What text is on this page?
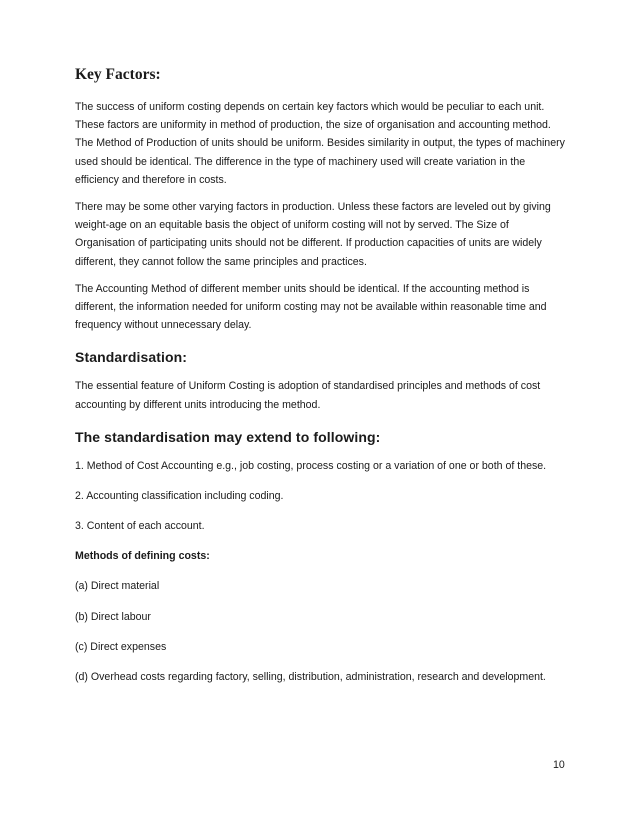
Key Factors:

The success of uniform costing depends on certain key factors which would be peculiar to each unit. These factors are uniformity in method of production, the size of organisation and accounting method. The Method of Production of units should be uniform. Besides similarity in output, the types of machinery used should be identical. The difference in the type of machinery used will create variation in the efficiency and therefore in costs.

There may be some other varying factors in production. Unless these factors are leveled out by giving weight-age on an equitable basis the object of uniform costing will not by served. The Size of Organisation of participating units should not be different. If production capacities of units are widely different, they cannot follow the same principles and practices.

The Accounting Method of different member units should be identical. If the accounting method is different, the information needed for uniform costing may not be available within reasonable time and frequency without unnecessary delay.

Standardisation:

The essential feature of Uniform Costing is adoption of standardised principles and methods of cost accounting by different units introducing the method.

The standardisation may extend to following:

1. Method of Cost Accounting e.g., job costing, process costing or a variation of one or both of these.

2. Accounting classification including coding.

3. Content of each account.

Methods of defining costs:

(a) Direct material

(b) Direct labour

(c) Direct expenses

(d) Overhead costs regarding factory, selling, distribution, administration, research and development.

10
